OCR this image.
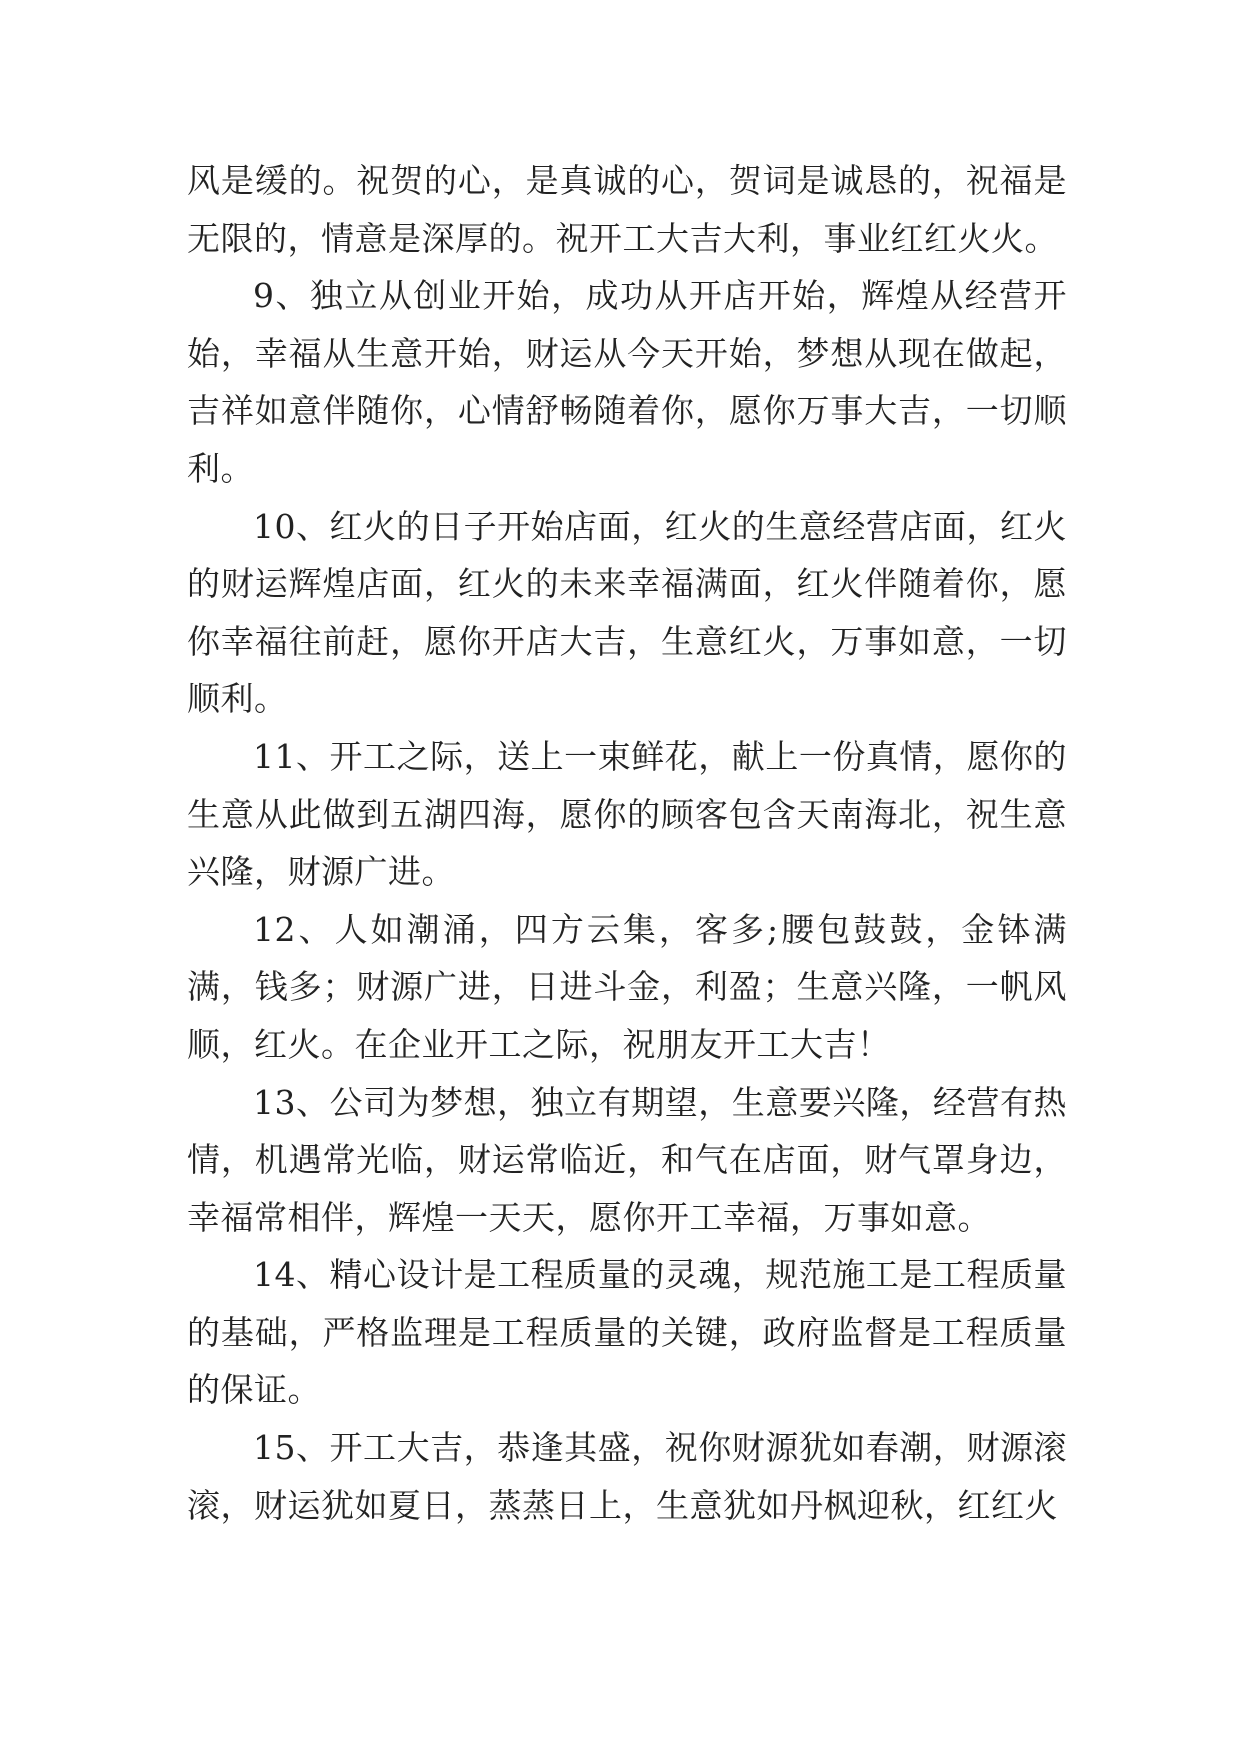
风是缓的。祝贺的心，是真诚的心，贺词是诚恳的，祝福是无限的，情意是深厚的。祝开工大吉大利，事业红红火火。

9、独立从创业开始，成功从开店开始，辉煌从经营开始，幸福从生意开始，财运从今天开始，梦想从现在做起，吉祥如意伴随你，心情舒畅随着你，愿你万事大吉，一切顺利。

10、红火的日子开始店面，红火的生意经营店面，红火的财运辉煌店面，红火的未来幸福满面，红火伴随着你，愿你幸福往前赶，愿你开店大吉，生意红火，万事如意，一切顺利。

11、开工之际，送上一束鲜花，献上一份真情，愿你的生意从此做到五湖四海，愿你的顾客包含天南海北，祝生意兴隆，财源广进。

12、人如潮涌，四方云集，客多;腰包鼓鼓，金钵满满，钱多；财源广进，日进斗金，利盈；生意兴隆，一帆风顺，红火。在企业开工之际，祝朋友开工大吉！

13、公司为梦想，独立有期望，生意要兴隆，经营有热情，机遇常光临，财运常临近，和气在店面，财气罩身边，幸福常相伴，辉煌一天天，愿你开工幸福，万事如意。

14、精心设计是工程质量的灵魂，规范施工是工程质量的基础，严格监理是工程质量的关键，政府监督是工程质量的保证。

15、开工大吉，恭逢其盛，祝你财源犹如春潮，财源滚滚，财运犹如夏日，蒸蒸日上，生意犹如丹枫迎秋，红红火
